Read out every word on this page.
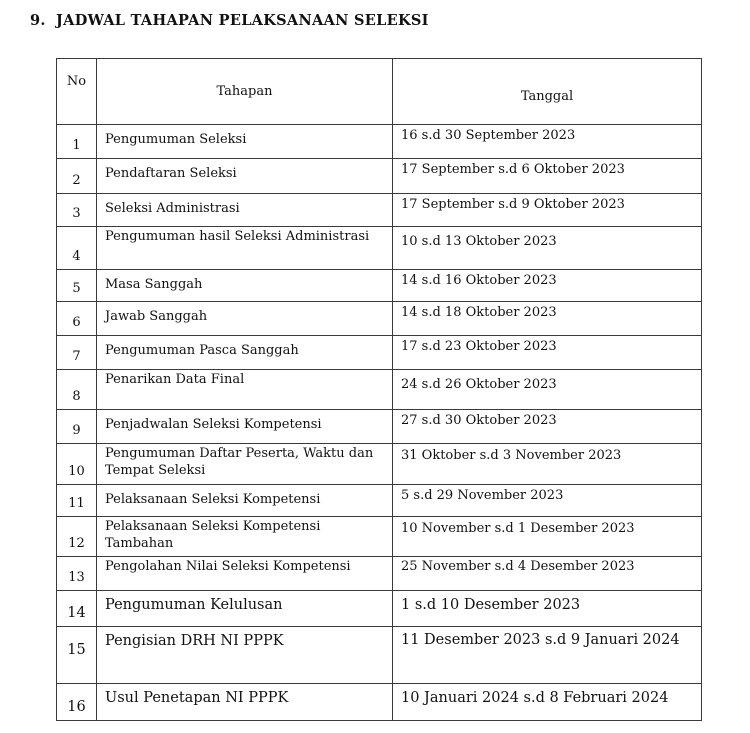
9. JADWAL TAHAPAN PELAKSANAAN SELEKSI
No	Tahapan	Tanggal
1	Pengumuman Seleksi	16 s.d 30 September 2023
2	Pendaftaran Seleksi	17 September s.d 6 Oktober 2023
3	Seleksi Administrasi	17 September s.d 9 Oktober 2023
4	Pengumuman hasil Seleksi Administrasi	10 s.d 13 Oktober 2023
5	Masa Sanggah	14 s.d 16 Oktober 2023
6	Jawab Sanggah	14 s.d 18 Oktober 2023
7	Pengumuman Pasca Sanggah	17 s.d 23 Oktober 2023
8	Penarikan Data Final	24 s.d 26 Oktober 2023
9	Penjadwalan Seleksi Kompetensi	27 s.d 30 Oktober 2023
10	Pengumuman Daftar Peserta, Waktu dan Tempat Seleksi	31 Oktober s.d 3 November 2023
11	Pelaksanaan Seleksi Kompetensi	5 s.d 29 November 2023
12	Pelaksanaan Seleksi Kompetensi Tambahan	10 November s.d 1 Desember 2023
13	Pengolahan Nilai Seleksi Kompetensi	25 November s.d 4 Desember 2023
14	Pengumuman Kelulusan	1 s.d 10 Desember 2023
15	Pengisian DRH NI PPPK	11 Desember 2023 s.d 9 Januari 2024
16	Usul Penetapan NI PPPK	10 Januari 2024 s.d 8 Februari 2024
